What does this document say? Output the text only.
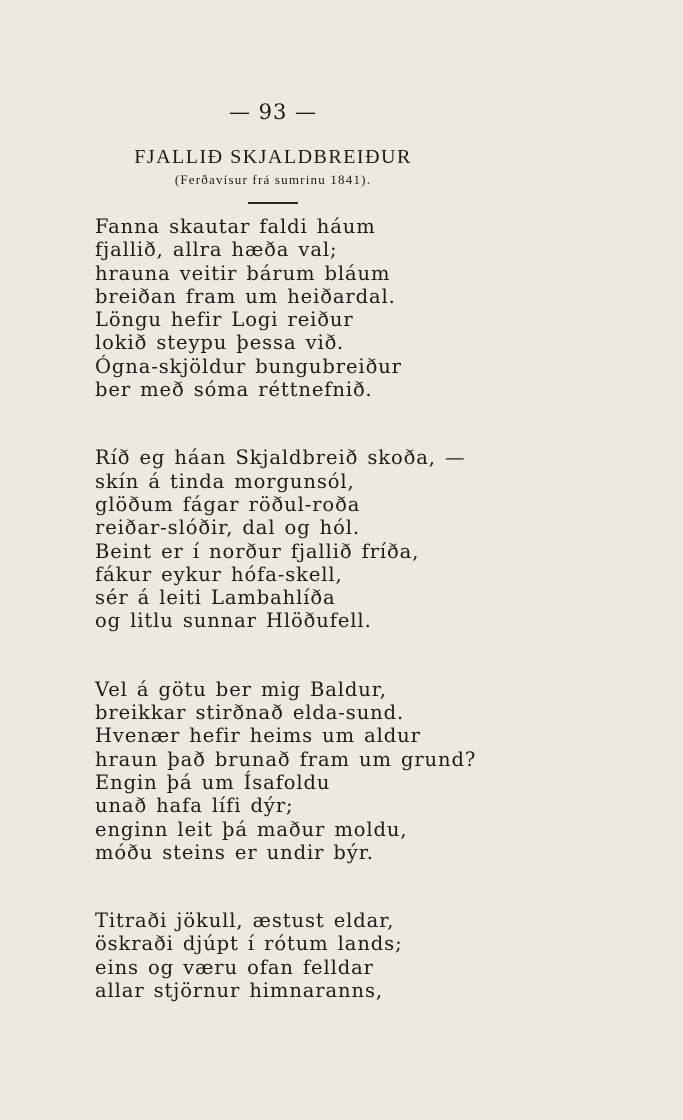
— 93 —
FJALLIÐ SKJALDBREIÐUR
(Ferðavísur frá sumrinu 1841).
Fanna skautar faldi háum
fjallið, allra hæða val;
hrauna veitir bárum bláum
breiðan fram um heiðardal.
Löngu hefir Logi reiður
lokið steypu þessa við.
Ógna-skjöldur bungubreiður
ber með sóma réttnefnið.
Ríð eg háan Skjaldbreið skoða, —
skín á tinda morgunsól,
glöðum fágar röðul-roða
reiðar-slóðir, dal og hól.
Beint er í norður fjallið fríða,
fákur eykur hófa-skell,
sér á leiti Lambahlíða
og litlu sunnar Hlöðufell.
Vel á götu ber mig Baldur,
breikkar stirðnað elda-sund.
Hvenær hefir heims um aldur
hraun það brunað fram um grund?
Engin þá um Ísafoldu
unað hafa lífi dýr;
enginn leit þá maður moldu,
móðu steins er undir býr.
Titraði jökull, æstust eldar,
öskraði djúpt í rótum lands;
eins og væru ofan felldar
allar stjörnur himnaranns,
